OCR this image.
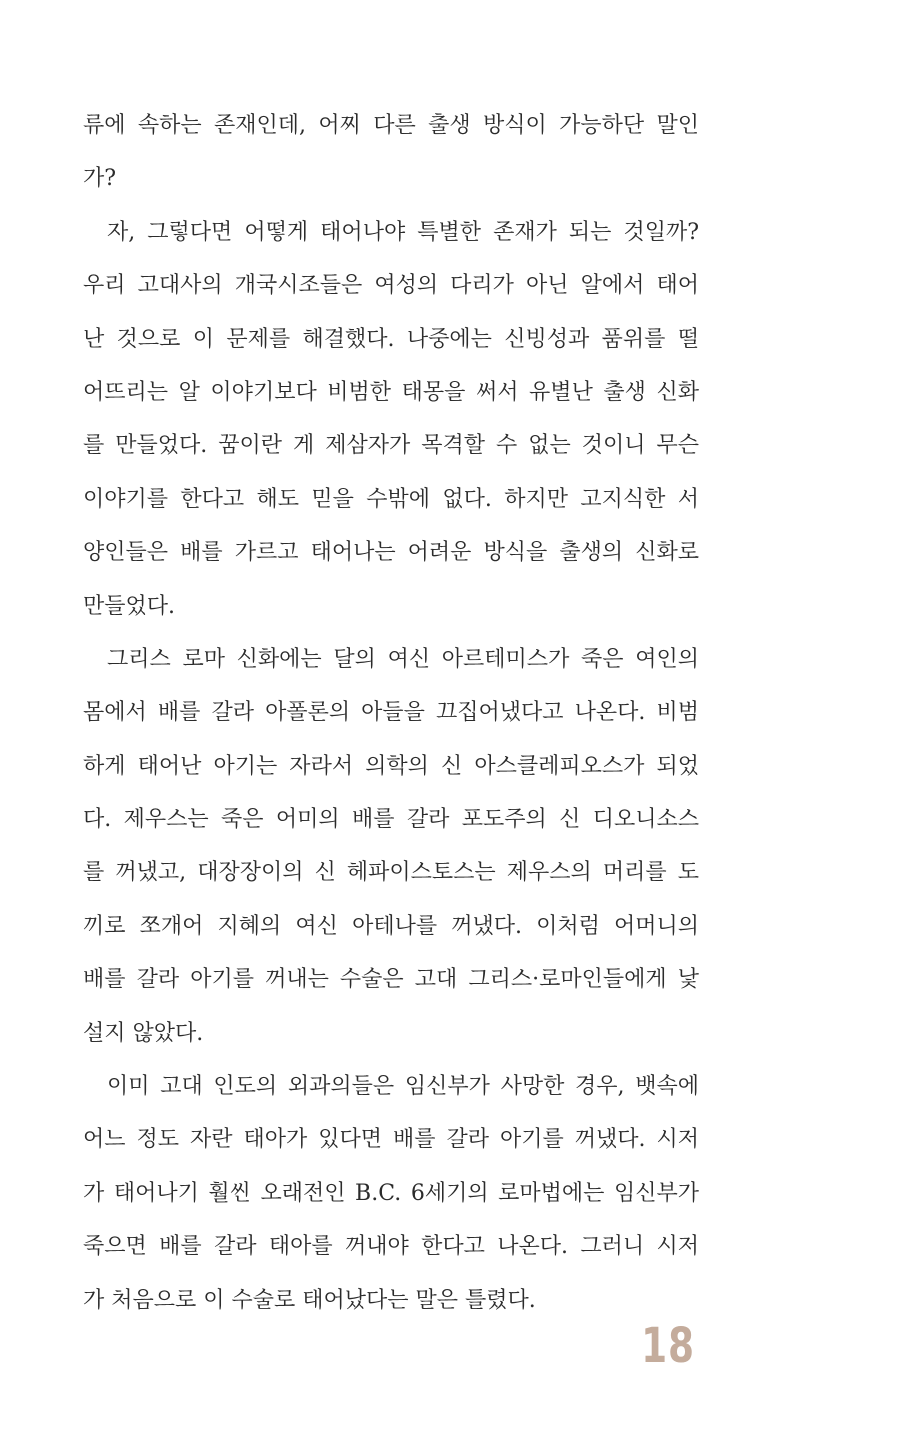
류에 속하는 존재인데, 어찌 다른 출생 방식이 가능하단 말인
가?
자, 그렇다면 어떻게 태어나야 특별한 존재가 되는 것일까?
우리 고대사의 개국시조들은 여성의 다리가 아닌 알에서 태어
난 것으로 이 문제를 해결했다. 나중에는 신빙성과 품위를 떨
어뜨리는 알 이야기보다 비범한 태몽을 써서 유별난 출생 신화
를 만들었다. 꿈이란 게 제삼자가 목격할 수 없는 것이니 무슨
이야기를 한다고 해도 믿을 수밖에 없다. 하지만 고지식한 서
양인들은 배를 가르고 태어나는 어려운 방식을 출생의 신화로
만들었다.
그리스 로마 신화에는 달의 여신 아르테미스가 죽은 여인의
몸에서 배를 갈라 아폴론의 아들을 끄집어냈다고 나온다. 비범
하게 태어난 아기는 자라서 의학의 신 아스클레피오스가 되었
다. 제우스는 죽은 어미의 배를 갈라 포도주의 신 디오니소스
를 꺼냈고, 대장장이의 신 헤파이스토스는 제우스의 머리를 도
끼로 쪼개어 지혜의 여신 아테나를 꺼냈다. 이처럼 어머니의
배를 갈라 아기를 꺼내는 수술은 고대 그리스·로마인들에게 낯
설지 않았다.
이미 고대 인도의 외과의들은 임신부가 사망한 경우, 뱃속에
어느 정도 자란 태아가 있다면 배를 갈라 아기를 꺼냈다. 시저
가 태어나기 훨씬 오래전인 B.C. 6세기의 로마법에는 임신부가
죽으면 배를 갈라 태아를 꺼내야 한다고 나온다. 그러니 시저
가 처음으로 이 수술로 태어났다는 말은 틀렸다.
18
